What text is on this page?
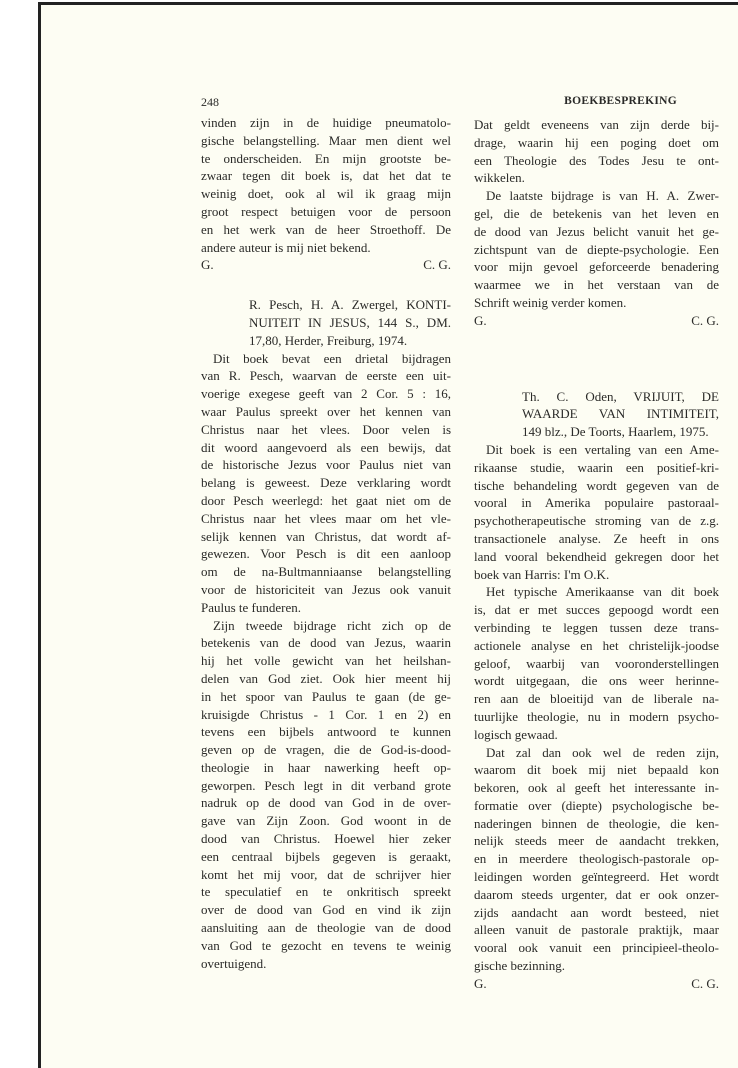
248	BOEKBESPREKING
vinden zijn in de huidige pneumatolo-
gische belangstelling. Maar men dient wel
te onderscheiden. En mijn grootste be-
zwaar tegen dit boek is, dat het dat te
weinig doet, ook al wil ik graag mijn
groot respect betuigen voor de persoon
en het werk van de heer Stroethoff. De
andere auteur is mij niet bekend.
G.	C. G.
R. Pesch, H. A. Zwergel, KONTI-
NUITEIT IN JESUS, 144 S., DM.
17,80, Herder, Freiburg, 1974.
Dit boek bevat een drietal bijdragen
van R. Pesch, waarvan de eerste een uit-
voerige exegese geeft van 2 Cor. 5 : 16,
waar Paulus spreekt over het kennen van
Christus naar het vlees. Door velen is
dit woord aangevoerd als een bewijs, dat
de historische Jezus voor Paulus niet van
belang is geweest. Deze verklaring wordt
door Pesch weerlegd: het gaat niet om de
Christus naar het vlees maar om het vle-
selijk kennen van Christus, dat wordt af-
gewezen. Voor Pesch is dit een aanloop
om de na-Bultmanniaanse belangstelling
voor de historiciteit van Jezus ook vanuit
Paulus te funderen.
Zijn tweede bijdrage richt zich op de
betekenis van de dood van Jezus, waarin
hij het volle gewicht van het heilshan-
delen van God ziet. Ook hier meent hij
in het spoor van Paulus te gaan (de ge-
kruisigde Christus - 1 Cor. 1 en 2) en
tevens een bijbels antwoord te kunnen
geven op de vragen, die de God-is-dood-
theologie in haar nawerking heeft op-
geworpen. Pesch legt in dit verband grote
nadruk op de dood van God in de over-
gave van Zijn Zoon. God woont in de
dood van Christus. Hoewel hier zeker
een centraal bijbels gegeven is geraakt,
komt het mij voor, dat de schrijver hier
te speculatief en te onkritisch spreekt
over de dood van God en vind ik zijn
aansluiting aan de theologie van de dood
van God te gezocht en tevens te weinig
overtuigend.
Dat geldt eveneens van zijn derde bij-
drage, waarin hij een poging doet om
een Theologie des Todes Jesu te ont-
wikkelen.
De laatste bijdrage is van H. A. Zwer-
gel, die de betekenis van het leven en
de dood van Jezus belicht vanuit het ge-
zichtspunt van de diepte-psychologie. Een
voor mijn gevoel geforceerde benadering
waarmee we in het verstaan van de
Schrift weinig verder komen.
G.	C. G.
Th. C. Oden, VRIJUIT, DE
WAARDE VAN INTIMITEIT,
149 blz., De Toorts, Haarlem, 1975.
Dit boek is een vertaling van een Ame-
rikaanse studie, waarin een positief-kri-
tische behandeling wordt gegeven van de
vooral in Amerika populaire pastoraal-
psychotherapeutische stroming van de z.g.
transactionele analyse. Ze heeft in ons
land vooral bekendheid gekregen door het
boek van Harris: I'm O.K.
Het typische Amerikaanse van dit boek
is, dat er met succes gepoogd wordt een
verbinding te leggen tussen deze trans-
actionele analyse en het christelijk-joodse
geloof, waarbij van vooronderstellingen
wordt uitgegaan, die ons weer herinne-
ren aan de bloeitijd van de liberale na-
tuurlijke theologie, nu in modern psycho-
logisch gewaad.
Dat zal dan ook wel de reden zijn,
waarom dit boek mij niet bepaald kon
bekoren, ook al geeft het interessante in-
formatie over (diepte) psychologische be-
naderingen binnen de theologie, die ken-
nelijk steeds meer de aandacht trekken,
en in meerdere theologisch-pastorale op-
leidingen worden geïntegreerd. Het wordt
daarom steeds urgenter, dat er ook onzer-
zijds aandacht aan wordt besteed, niet
alleen vanuit de pastorale praktijk, maar
vooral ook vanuit een principieel-theolo-
gische bezinning.
G.	C. G.
